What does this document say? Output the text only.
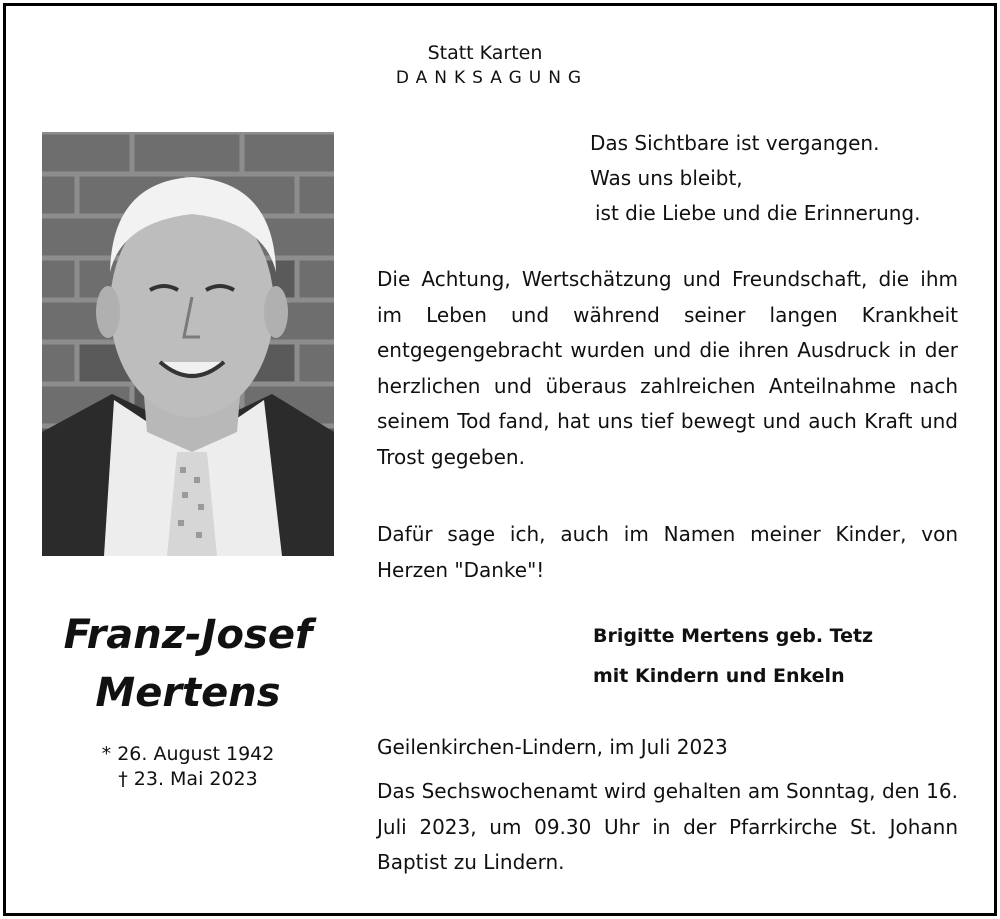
Statt Karten
DANKSAGUNG
Das Sichtbare ist vergangen.
Was uns bleibt,
ist die Liebe und die Erinnerung.

Die Achtung, Wertschätzung und Freundschaft, die ihm im Leben und während seiner langen Krankheit entgegengebracht wurden und die ihren Ausdruck in der herzlichen und überaus zahlreichen Anteilnahme nach seinem Tod fand, hat uns tief bewegt und auch Kraft und Trost gegeben.

Dafür sage ich, auch im Namen meiner Kinder, von Herzen "Danke"!

Brigitte Mertens geb. Tetz
mit Kindern und Enkeln
Franz-Josef
Mertens
* 26. August 1942
† 23. Mai 2023
Geilenkirchen-Lindern, im Juli 2023

Das Sechswochenamt wird gehalten am Sonntag, den 16. Juli 2023, um 09.30 Uhr in der Pfarrkirche St. Johann Baptist zu Lindern.
